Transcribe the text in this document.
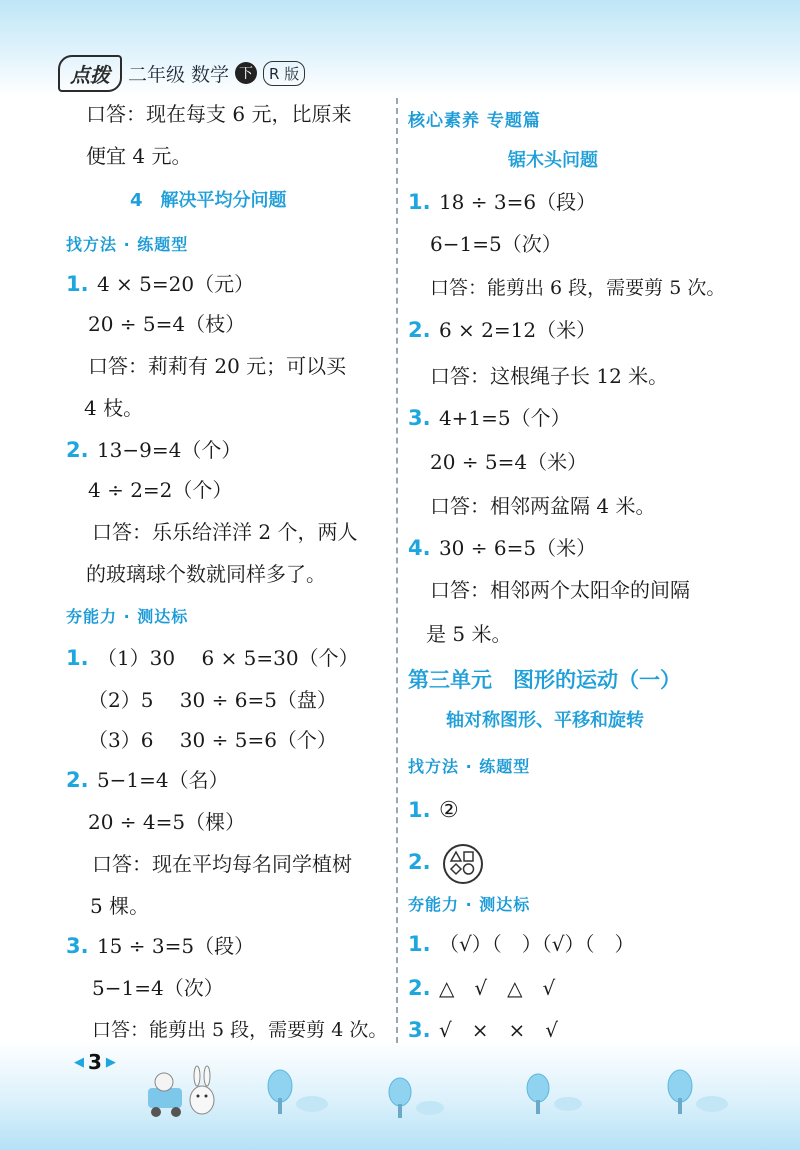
点拨 二年级 数学 下	R 版
口答：现在每支 6 元，比原来
便宜 4 元。
4　解决平均分问题
找方法 · 练题型
1. 4 × 5=20（元）
20 ÷ 5=4（枝）
口答：莉莉有 20 元；可以买
4 枝。
2. 13−9=4（个）
4 ÷ 2=2（个）
口答：乐乐给洋洋 2 个，两人
的玻璃球个数就同样多了。
夯能力 · 测达标
1. （1）30　 6 × 5=30（个）
（2）5　 30 ÷ 6=5（盘）
（3）6　 30 ÷ 5=6（个）
2. 5−1=4（名）
20 ÷ 4=5（棵）
口答：现在平均每名同学植树
5 棵。
3. 15 ÷ 3=5（段）
5−1=4（次）
口答：能剪出 5 段，需要剪 4 次。
核心素养 专题篇
锯木头问题
1. 18 ÷ 3=6（段）
6−1=5（次）
口答：能剪出 6 段，需要剪 5 次。
2. 6 × 2=12（米）
口答：这根绳子长 12 米。
3. 4+1=5（个）
20 ÷ 5=4（米）
口答：相邻两盆隔 4 米。
4. 30 ÷ 6=5（米）
口答：相邻两个太阳伞的间隔
是 5 米。
第三单元　图形的运动（一）
轴对称图形、平移和旋转
找方法 · 练题型
1. ②
2.
夯能力 · 测达标
1. （√）（　）（√）（　）
2. △　√　△　√
3. √　×　×　√
◀ 3 ▶
